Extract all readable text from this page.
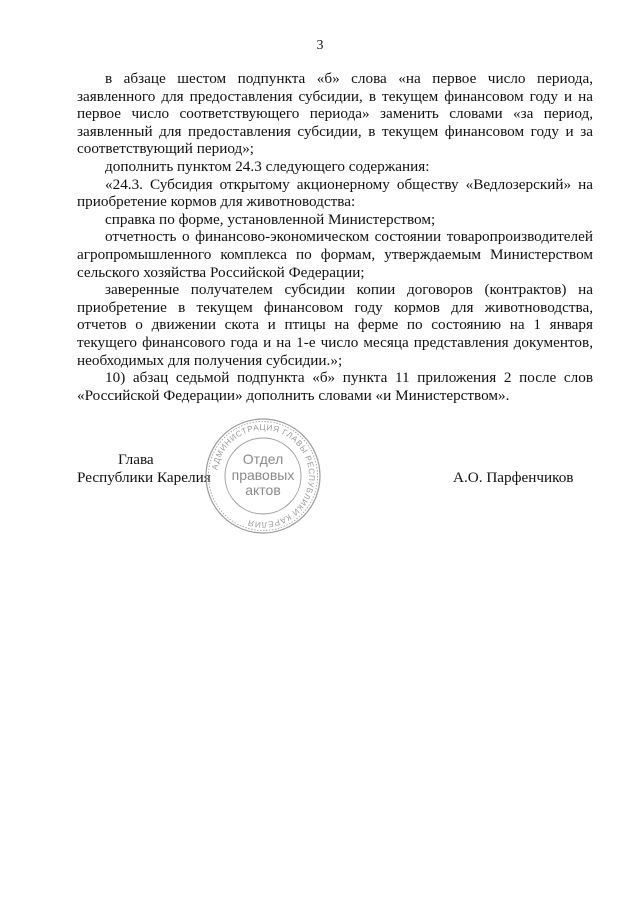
3

в абзаце шестом подпункта «б» слова «на первое число периода, заявленного для предоставления субсидии, в текущем финансовом году и на первое число соответствующего периода» заменить словами «за период, заявленный для предоставления субсидии, в текущем финансовом году и за соответствующий период»;

дополнить пунктом 24.3 следующего содержания:

«24.3. Субсидия открытому акционерному обществу «Ведлозерский» на приобретение кормов для животноводства:

справка по форме, установленной Министерством;

отчетность о финансово-экономическом состоянии товаропроизводителей агропромышленного комплекса по формам, утверждаемым Министерством сельского хозяйства Российской Федерации;

заверенные получателем субсидии копии договоров (контрактов) на приобретение в текущем финансовом году кормов для животноводства, отчетов о движении скота и птицы на ферме по состоянию на 1 января текущего финансового года и на 1-е число месяца представления документов, необходимых для получения субсидии.»;

10) абзац седьмой подпункта «б» пункта 11 приложения 2 после слов «Российской Федерации» дополнить словами «и Министерством».

Глава
Республики Карелия
АДМИНИСТРАЦИЯ ГЛАВЫ РЕСПУБЛИКИ КАРЕЛИЯ
Отдел
правовых
актов
А.О. Парфенчиков
